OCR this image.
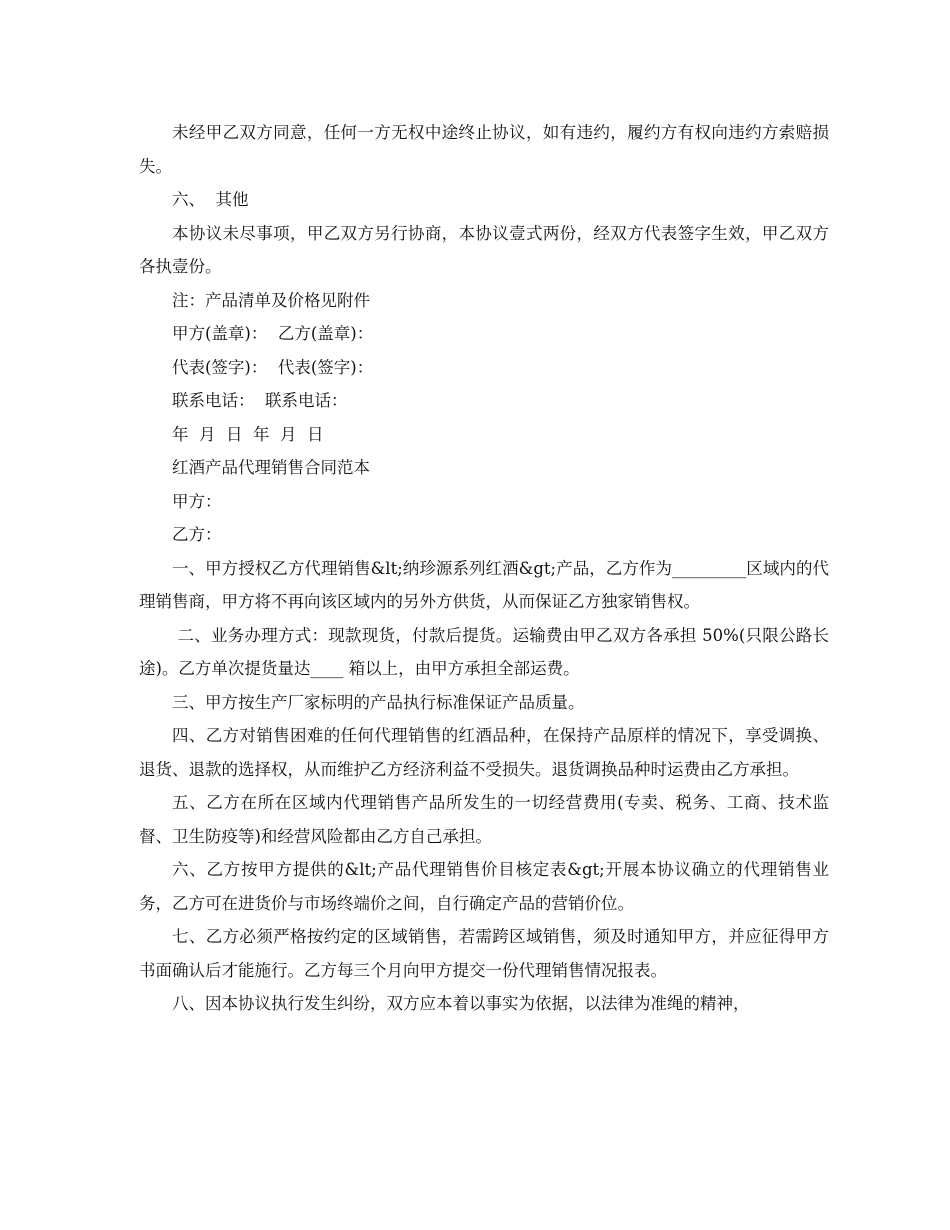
未经甲乙双方同意，任何一方无权中途终止协议，如有违约，履约方有权向违约方索赔损失。

六、  其他

本协议未尽事项，甲乙双方另行协商，本协议壹式两份，经双方代表签字生效，甲乙双方各执壹份。

注：产品清单及价格见附件

甲方(盖章)：  乙方(盖章)：

代表(签字)：  代表(签字)：

联系电话：  联系电话：

年  月  日  年  月  日

红酒产品代理销售合同范本

甲方：

乙方：

一、甲方授权乙方代理销售&lt;纳珍源系列红酒&gt;产品，乙方作为_________区域内的代理销售商，甲方将不再向该区域内的另外方供货，从而保证乙方独家销售权。

二、业务办理方式：现款现货，付款后提货。运输费由甲乙双方各承担 50%(只限公路长途)。乙方单次提货量达____ 箱以上，由甲方承担全部运费。

三、甲方按生产厂家标明的产品执行标准保证产品质量。

四、乙方对销售困难的任何代理销售的红酒品种，在保持产品原样的情况下，享受调换、退货、退款的选择权，从而维护乙方经济利益不受损失。退货调换品种时运费由乙方承担。

五、乙方在所在区域内代理销售产品所发生的一切经营费用(专卖、税务、工商、技术监督、卫生防疫等)和经营风险都由乙方自己承担。

六、乙方按甲方提供的&lt;产品代理销售价目核定表&gt;开展本协议确立的代理销售业务，乙方可在进货价与市场终端价之间，自行确定产品的营销价位。

七、乙方必须严格按约定的区域销售，若需跨区域销售，须及时通知甲方，并应征得甲方书面确认后才能施行。乙方每三个月向甲方提交一份代理销售情况报表。

八、因本协议执行发生纠纷，双方应本着以事实为依据，以法律为准绳的精神，
